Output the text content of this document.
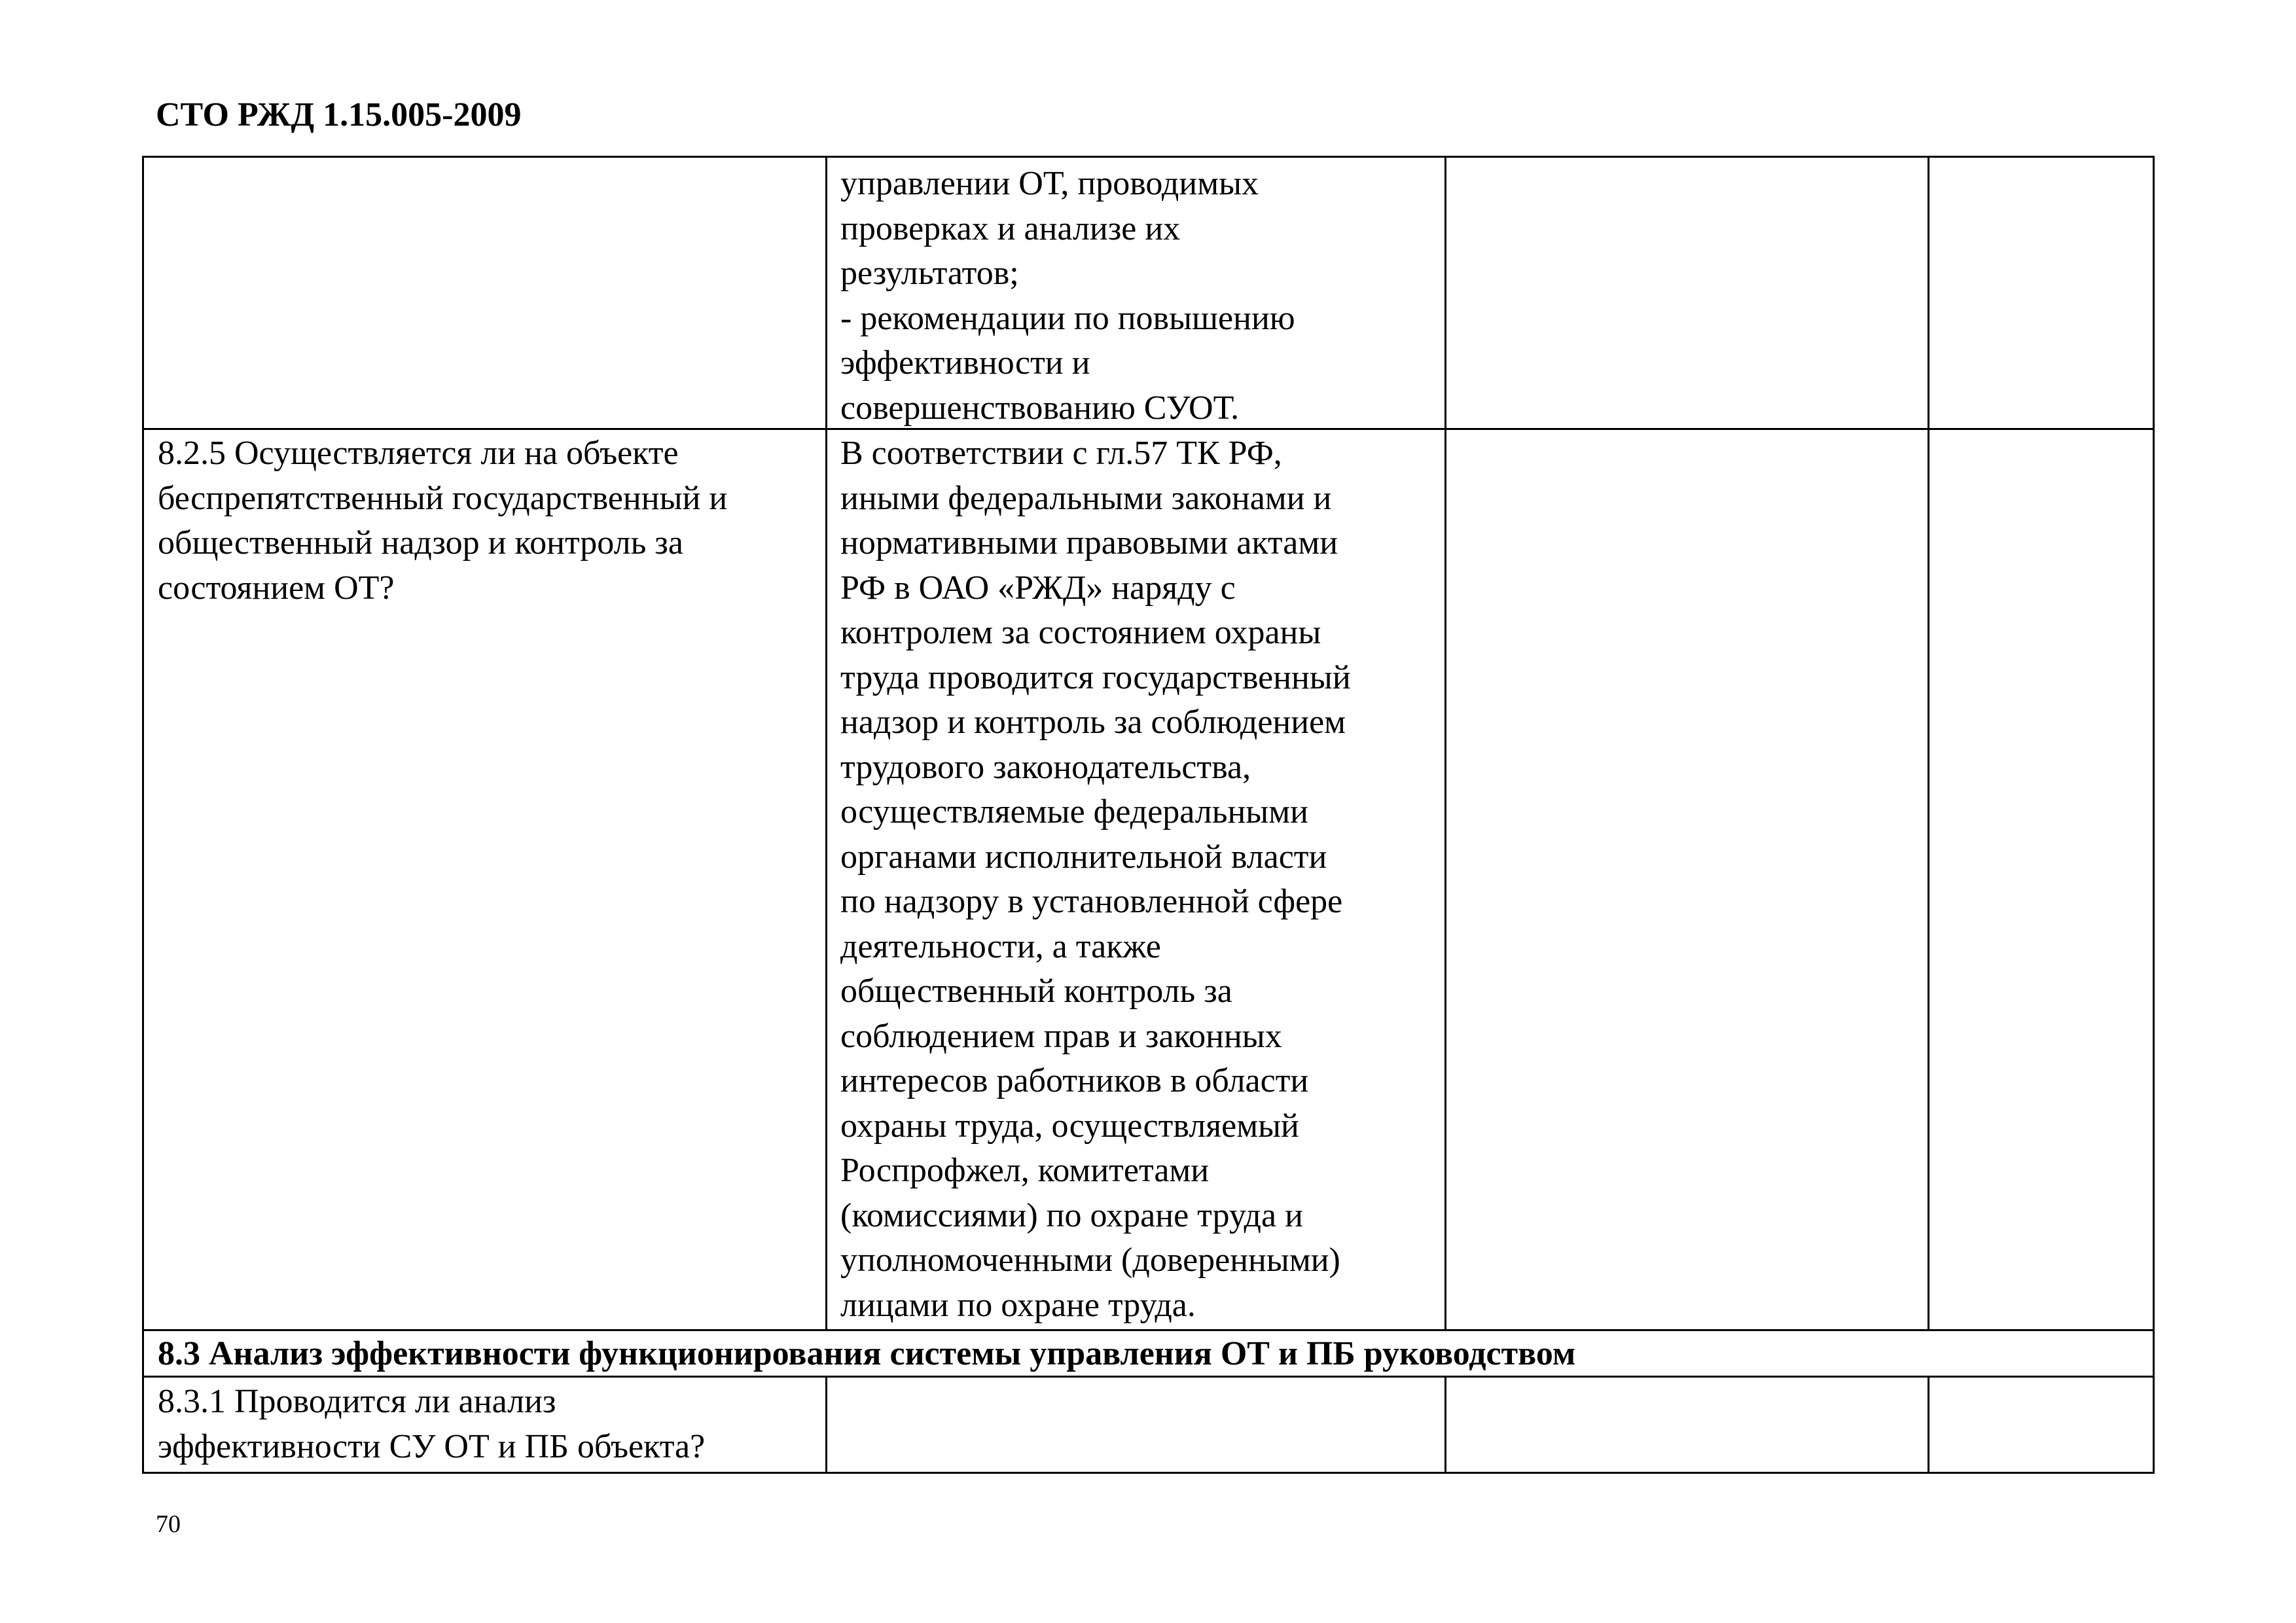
СТО РЖД 1.15.005-2009
управлении ОТ, проводимых
проверках и анализе их
результатов;
- рекомендации по повышению
эффективности и
совершенствованию СУОТ.
8.2.5 Осуществляется ли на объекте
беспрепятственный государственный и
общественный надзор и контроль за
состоянием ОТ?
В соответствии с гл.57 ТК РФ,
иными федеральными законами и
нормативными правовыми актами
РФ в ОАО «РЖД» наряду с
контролем за состоянием охраны
труда проводится государственный
надзор и контроль за соблюдением
трудового законодательства,
осуществляемые федеральными
органами исполнительной власти
по надзору в установленной сфере
деятельности, а также
общественный контроль за
соблюдением прав и законных
интересов работников в области
охраны труда, осуществляемый
Роспрофжел, комитетами
(комиссиями) по охране труда и
уполномоченными (доверенными)
лицами по охране труда.
8.3 Анализ эффективности функционирования системы управления ОТ и ПБ руководством
8.3.1 Проводится ли анализ
эффективности СУ ОТ и ПБ объекта?
70
